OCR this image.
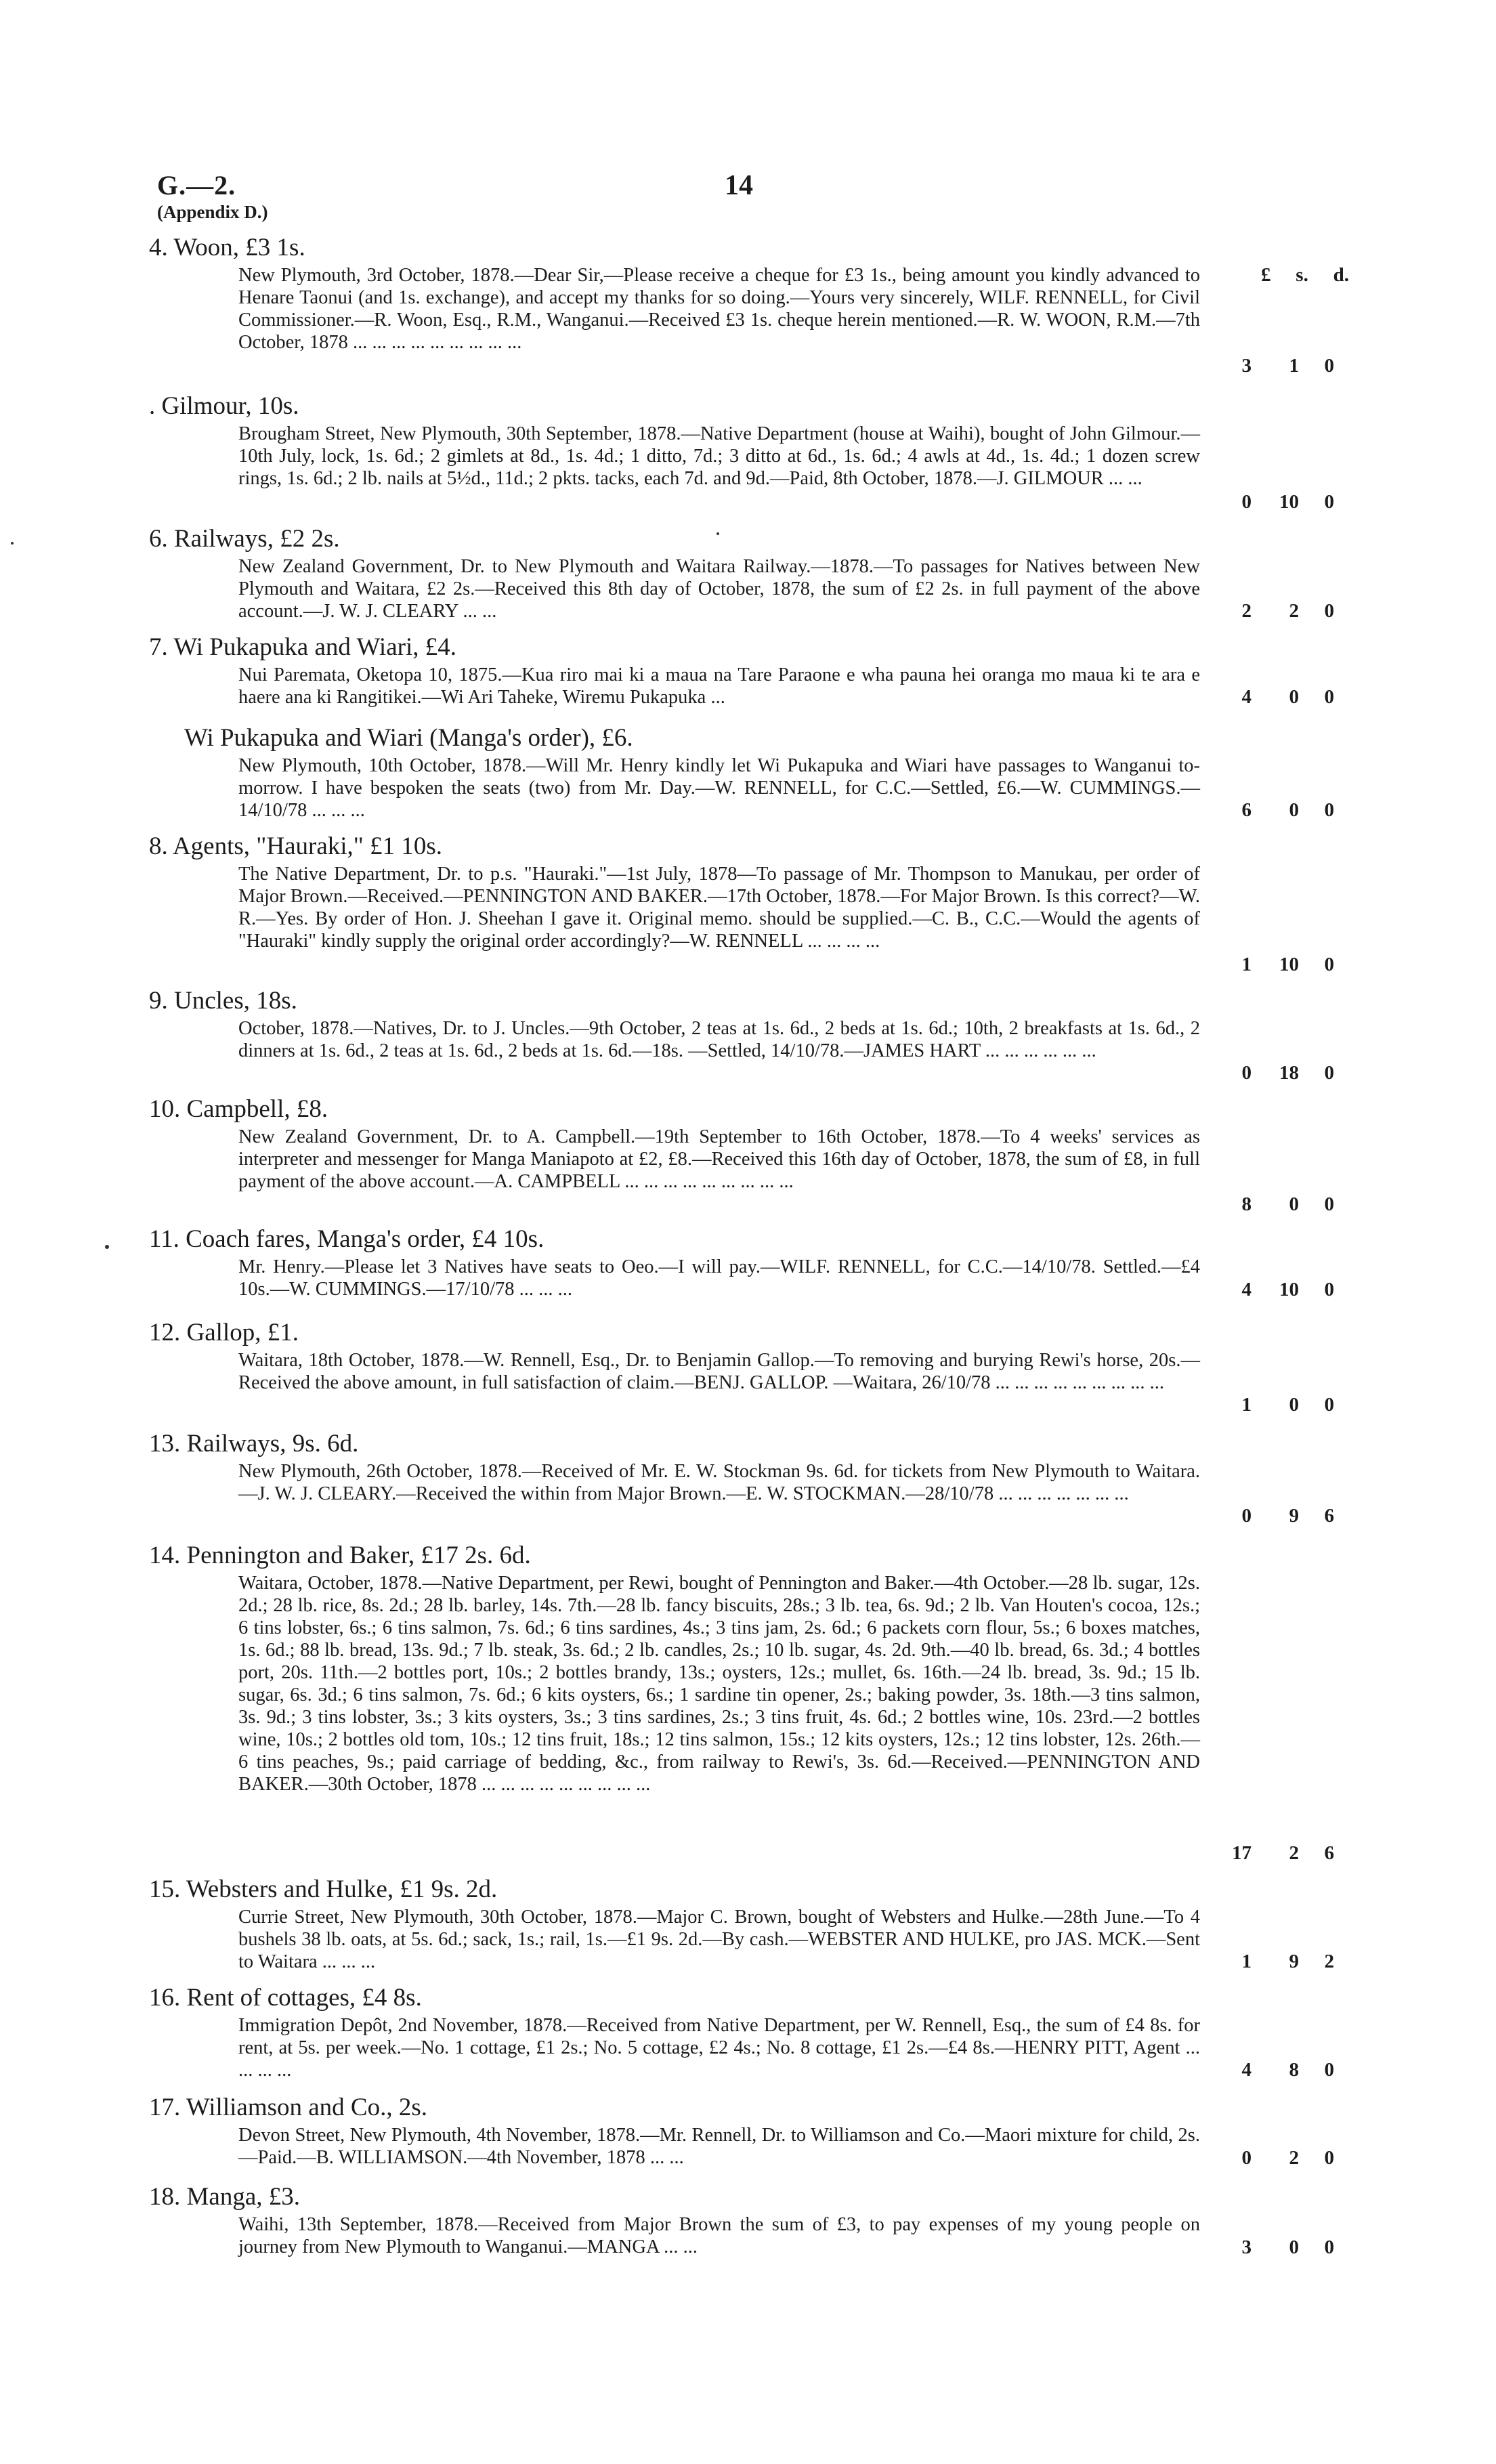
G.—2.	14
(Appendix D.)
£ s. d.
4. Woon, £3 1s.
New Plymouth, 3rd October, 1878.—Dear Sir,—Please receive a cheque for £3 1s., being amount you kindly advanced to Henare Taonui (and 1s. exchange), and accept my thanks for so doing.—Yours very sincerely, WILF. RENNELL, for Civil Commissioner.—R. Woon, Esq., R.M., Wanganui.—Received £3 1s. cheque herein mentioned.—R. W. WOON, R.M.—7th October, 1878 ... ... ... ... ... ... ... ... ...
3	1	0
. Gilmour, 10s.
Brougham Street, New Plymouth, 30th September, 1878.—Native Department (house at Waihi), bought of John Gilmour.—10th July, lock, 1s. 6d.; 2 gimlets at 8d., 1s. 4d.; 1 ditto, 7d.; 3 ditto at 6d., 1s. 6d.; 4 awls at 4d., 1s. 4d.; 1 dozen screw rings, 1s. 6d.; 2 lb. nails at 5½d., 11d.; 2 pkts. tacks, each 7d. and 9d.—Paid, 8th October, 1878.—J. GILMOUR ... ...
0	10	0
6. Railways, £2 2s.
New Zealand Government, Dr. to New Plymouth and Waitara Railway.—1878.—To passages for Natives between New Plymouth and Waitara, £2 2s.—Received this 8th day of October, 1878, the sum of £2 2s. in full payment of the above account.—J. W. J. CLEARY ... ...	2	2	0
7. Wi Pukapuka and Wiari, £4.
Nui Paremata, Oketopa 10, 1875.—Kua riro mai ki a maua na Tare Paraone e wha pauna hei oranga mo maua ki te ara e haere ana ki Rangitikei.—Wi Ari Taheke, Wiremu Pukapuka ...	4	0	0
Wi Pukapuka and Wiari (Manga's order), £6.
New Plymouth, 10th October, 1878.—Will Mr. Henry kindly let Wi Pukapuka and Wiari have passages to Wanganui to-morrow. I have bespoken the seats (two) from Mr. Day.—W. RENNELL, for C.C.—Settled, £6.—W. CUMMINGS.—14/10/78 ... ... ...	6	0	0
8. Agents, "Hauraki," £1 10s.
The Native Department, Dr. to p.s. "Hauraki."—1st July, 1878—To passage of Mr. Thompson to Manukau, per order of Major Brown.—Received.—PENNINGTON AND BAKER.—17th October, 1878.—For Major Brown. Is this correct?—W. R.—Yes. By order of Hon. J. Sheehan I gave it. Original memo. should be supplied.—C. B., C.C.—Would the agents of "Hauraki" kindly supply the original order accordingly?—W. RENNELL ... ... ... ...
1	10	0
9. Uncles, 18s.
October, 1878.—Natives, Dr. to J. Uncles.—9th October, 2 teas at 1s. 6d., 2 beds at 1s. 6d.; 10th, 2 breakfasts at 1s. 6d., 2 dinners at 1s. 6d., 2 teas at 1s. 6d., 2 beds at 1s. 6d.—18s. —Settled, 14/10/78.—JAMES HART ... ... ... ... ... ...
0	18	0
10. Campbell, £8.
New Zealand Government, Dr. to A. Campbell.—19th September to 16th October, 1878.—To 4 weeks' services as interpreter and messenger for Manga Maniapoto at £2, £8.—Received this 16th day of October, 1878, the sum of £8, in full payment of the above account.—A. CAMPBELL ... ... ... ... ... ... ... ... ...
8	0	0
11. Coach fares, Manga's order, £4 10s.
Mr. Henry.—Please let 3 Natives have seats to Oeo.—I will pay.—WILF. RENNELL, for C.C.—14/10/78. Settled.—£4 10s.—W. CUMMINGS.—17/10/78 ... ... ...	4	10	0
12. Gallop, £1.
Waitara, 18th October, 1878.—W. Rennell, Esq., Dr. to Benjamin Gallop.—To removing and burying Rewi's horse, 20s.—Received the above amount, in full satisfaction of claim.—BENJ. GALLOP. —Waitara, 26/10/78 ... ... ... ... ... ... ... ... ...
1	0	0
13. Railways, 9s. 6d.
New Plymouth, 26th October, 1878.—Received of Mr. E. W. Stockman 9s. 6d. for tickets from New Plymouth to Waitara.—J. W. J. CLEARY.—Received the within from Major Brown.—E. W. STOCKMAN.—28/10/78 ... ... ... ... ... ... ...
0	9	6
14. Pennington and Baker, £17 2s. 6d.
Waitara, October, 1878.—Native Department, per Rewi, bought of Pennington and Baker.—4th October.—28 lb. sugar, 12s. 2d.; 28 lb. rice, 8s. 2d.; 28 lb. barley, 14s. 7th.—28 lb. fancy biscuits, 28s.; 3 lb. tea, 6s. 9d.; 2 lb. Van Houten's cocoa, 12s.; 6 tins lobster, 6s.; 6 tins salmon, 7s. 6d.; 6 tins sardines, 4s.; 3 tins jam, 2s. 6d.; 6 packets corn flour, 5s.; 6 boxes matches, 1s. 6d.; 88 lb. bread, 13s. 9d.; 7 lb. steak, 3s. 6d.; 2 lb. candles, 2s.; 10 lb. sugar, 4s. 2d. 9th.—40 lb. bread, 6s. 3d.; 4 bottles port, 20s. 11th.—2 bottles port, 10s.; 2 bottles brandy, 13s.; oysters, 12s.; mullet, 6s. 16th.—24 lb. bread, 3s. 9d.; 15 lb. sugar, 6s. 3d.; 6 tins salmon, 7s. 6d.; 6 kits oysters, 6s.; 1 sardine tin opener, 2s.; baking powder, 3s. 18th.—3 tins salmon, 3s. 9d.; 3 tins lobster, 3s.; 3 kits oysters, 3s.; 3 tins sardines, 2s.; 3 tins fruit, 4s. 6d.; 2 bottles wine, 10s. 23rd.—2 bottles wine, 10s.; 2 bottles old tom, 10s.; 12 tins fruit, 18s.; 12 tins salmon, 15s.; 12 kits oysters, 12s.; 12 tins lobster, 12s. 26th.—6 tins peaches, 9s.; paid carriage of bedding, &c., from railway to Rewi's, 3s. 6d.—Received.—PENNINGTON AND BAKER.—30th October, 1878 ... ... ... ... ... ... ... ... ...
17	2	6
15. Websters and Hulke, £1 9s. 2d.
Currie Street, New Plymouth, 30th October, 1878.—Major C. Brown, bought of Websters and Hulke.—28th June.—To 4 bushels 38 lb. oats, at 5s. 6d.; sack, 1s.; rail, 1s.—£1 9s. 2d.—By cash.—WEBSTER AND HULKE, pro JAS. MCK.—Sent to Waitara ... ... ...	1	9	2
16. Rent of cottages, £4 8s.
Immigration Depôt, 2nd November, 1878.—Received from Native Department, per W. Rennell, Esq., the sum of £4 8s. for rent, at 5s. per week.—No. 1 cottage, £1 2s.; No. 5 cottage, £2 4s.; No. 8 cottage, £1 2s.—£4 8s.—HENRY PITT, Agent ... ... ... ...	4	8	0
17. Williamson and Co., 2s.
Devon Street, New Plymouth, 4th November, 1878.—Mr. Rennell, Dr. to Williamson and Co.—Maori mixture for child, 2s.—Paid.—B. WILLIAMSON.—4th November, 1878 ... ...	0	2	0
18. Manga, £3.
Waihi, 13th September, 1878.—Received from Major Brown the sum of £3, to pay expenses of my young people on journey from New Plymouth to Wanganui.—MANGA ... ...	3	0	0
